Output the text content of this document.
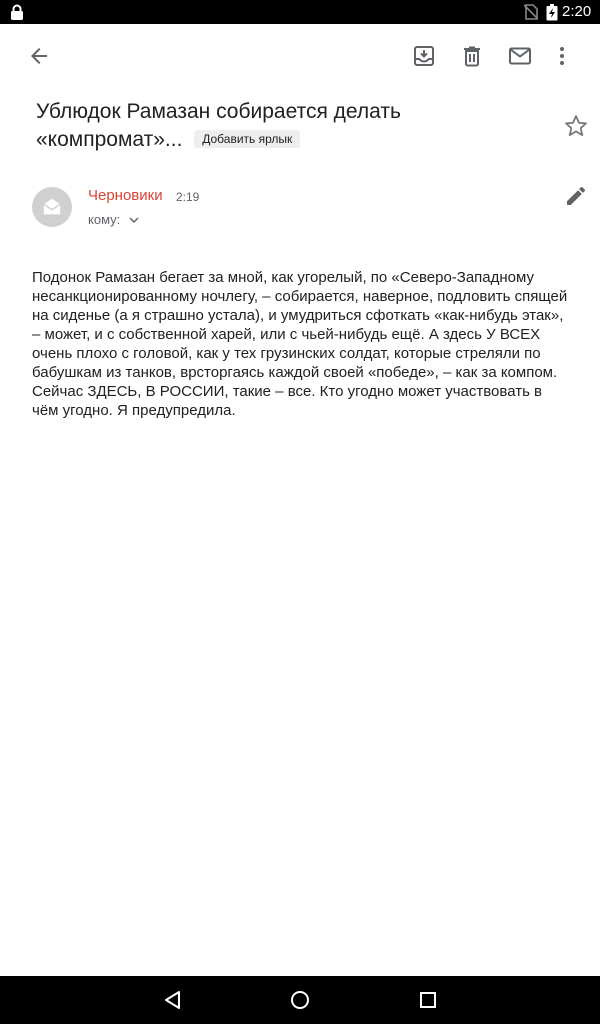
2:20
Ублюдок Рамазан собирается делать «компромат»... Добавить ярлык
Черновики 2:19
кому:
Подонок Рамазан бегает за мной, как угорелый, по «Северо-Западному несанкционированному ночлегу, – собирается, наверное, подловить спящей на сиденье (а я страшно устала), и умудриться сфоткать «как-нибудь этак», – может, и с собственной харей, или с чьей-нибудь ещё. А здесь У ВСЕХ очень плохо с головой, как у тех грузинских солдат, которые стреляли по бабушкам из танков, врсторгаясь каждой своей «победе», – как за компом. Сейчас ЗДЕСЬ, В РОССИИ, такие – все. Кто угодно может участвовать в чём угодно. Я предупредила.
